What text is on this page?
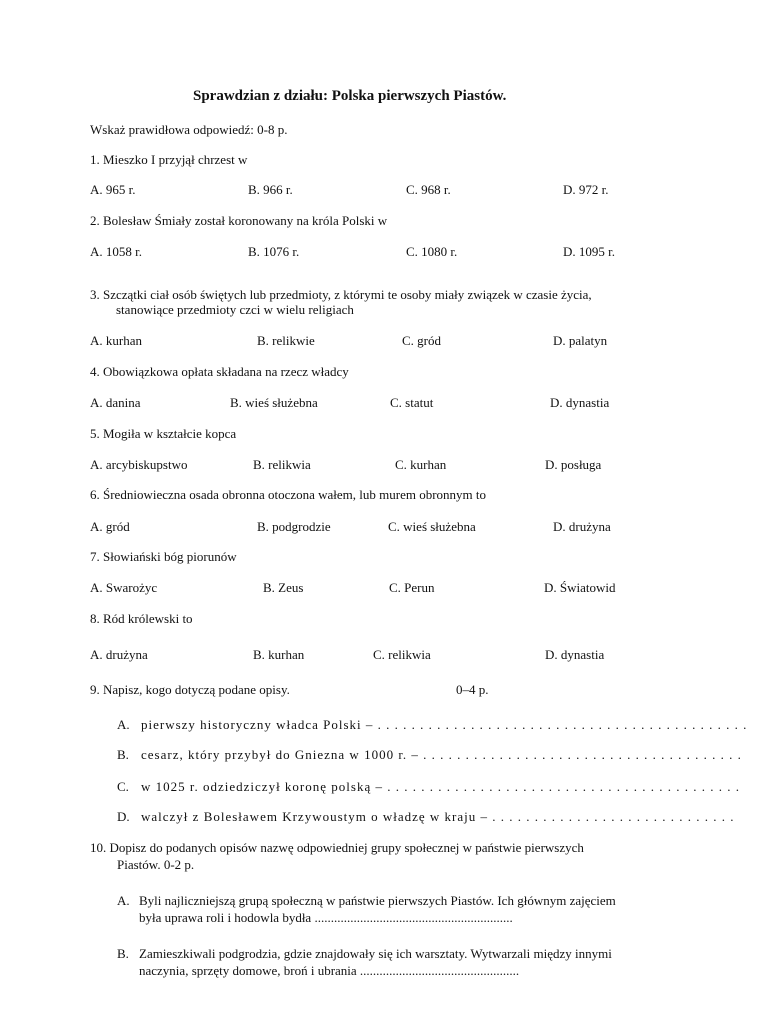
Sprawdzian z działu: Polska pierwszych Piastów.
Wskaż prawidłowa odpowiedź: 0-8 p.
1. Mieszko I przyjął chrzest w
A. 965 r.	B. 966 r.	C. 968 r.	D. 972 r.
2. Bolesław Śmiały został koronowany na króla Polski w
A. 1058 r.	B. 1076 r.	C. 1080 r.	D. 1095 r.
3. Szczątki ciał osób świętych lub przedmioty, z którymi te osoby miały związek w czasie życia,
stanowiące przedmioty czci w wielu religiach
A. kurhan	B. relikwie	C. gród	D. palatyn
4. Obowiązkowa opłata składana na rzecz władcy
A. danina	B. wieś służebna	C. statut	D. dynastia
5. Mogiła w kształcie kopca
A. arcybiskupstwo	B. relikwia	C. kurhan	D. posługa
6. Średniowieczna osada obronna otoczona wałem, lub murem obronnym to
A. gród	B. podgrodzie	C. wieś służebna	D. drużyna
7. Słowiański bóg piorunów
A. Swarożyc	B. Zeus	C. Perun	D. Światowid
8. Ród królewski to
A. drużyna	B. kurhan	C. relikwia	D. dynastia
9. Napisz, kogo dotyczą podane opisy.	0–4 p.
A. pierwszy historyczny władca Polski – . . . . . . . . . . . . . . . . . . . . . . . . . . . . . . . . . . . . . . . . . . . .
B. cesarz, który przybył do Gniezna w 1000 r. – . . . . . . . . . . . . . . . . . . . . . . . . . . . . . . . . . . . . . .
C. w 1025 r. odziedziczył koronę polską – . . . . . . . . . . . . . . . . . . . . . . . . . . . . . . . . . . . . . . . . . .
D. walczył z Bolesławem Krzywoustym o władzę w kraju – . . . . . . . . . . . . . . . . . . . . . . . . . . . . .
10. Dopisz do podanych opisów nazwę odpowiedniej grupy społecznej w państwie pierwszych
Piastów. 0-2 p.
A. Byli najliczniejszą grupą społeczną w państwie pierwszych Piastów. Ich głównym zajęciem
była uprawa roli i hodowla bydła .............................................................
B. Zamieszkiwali podgrodzia, gdzie znajdowały się ich warsztaty. Wytwarzali między innymi
naczynia, sprzęty domowe, broń i ubrania .................................................
